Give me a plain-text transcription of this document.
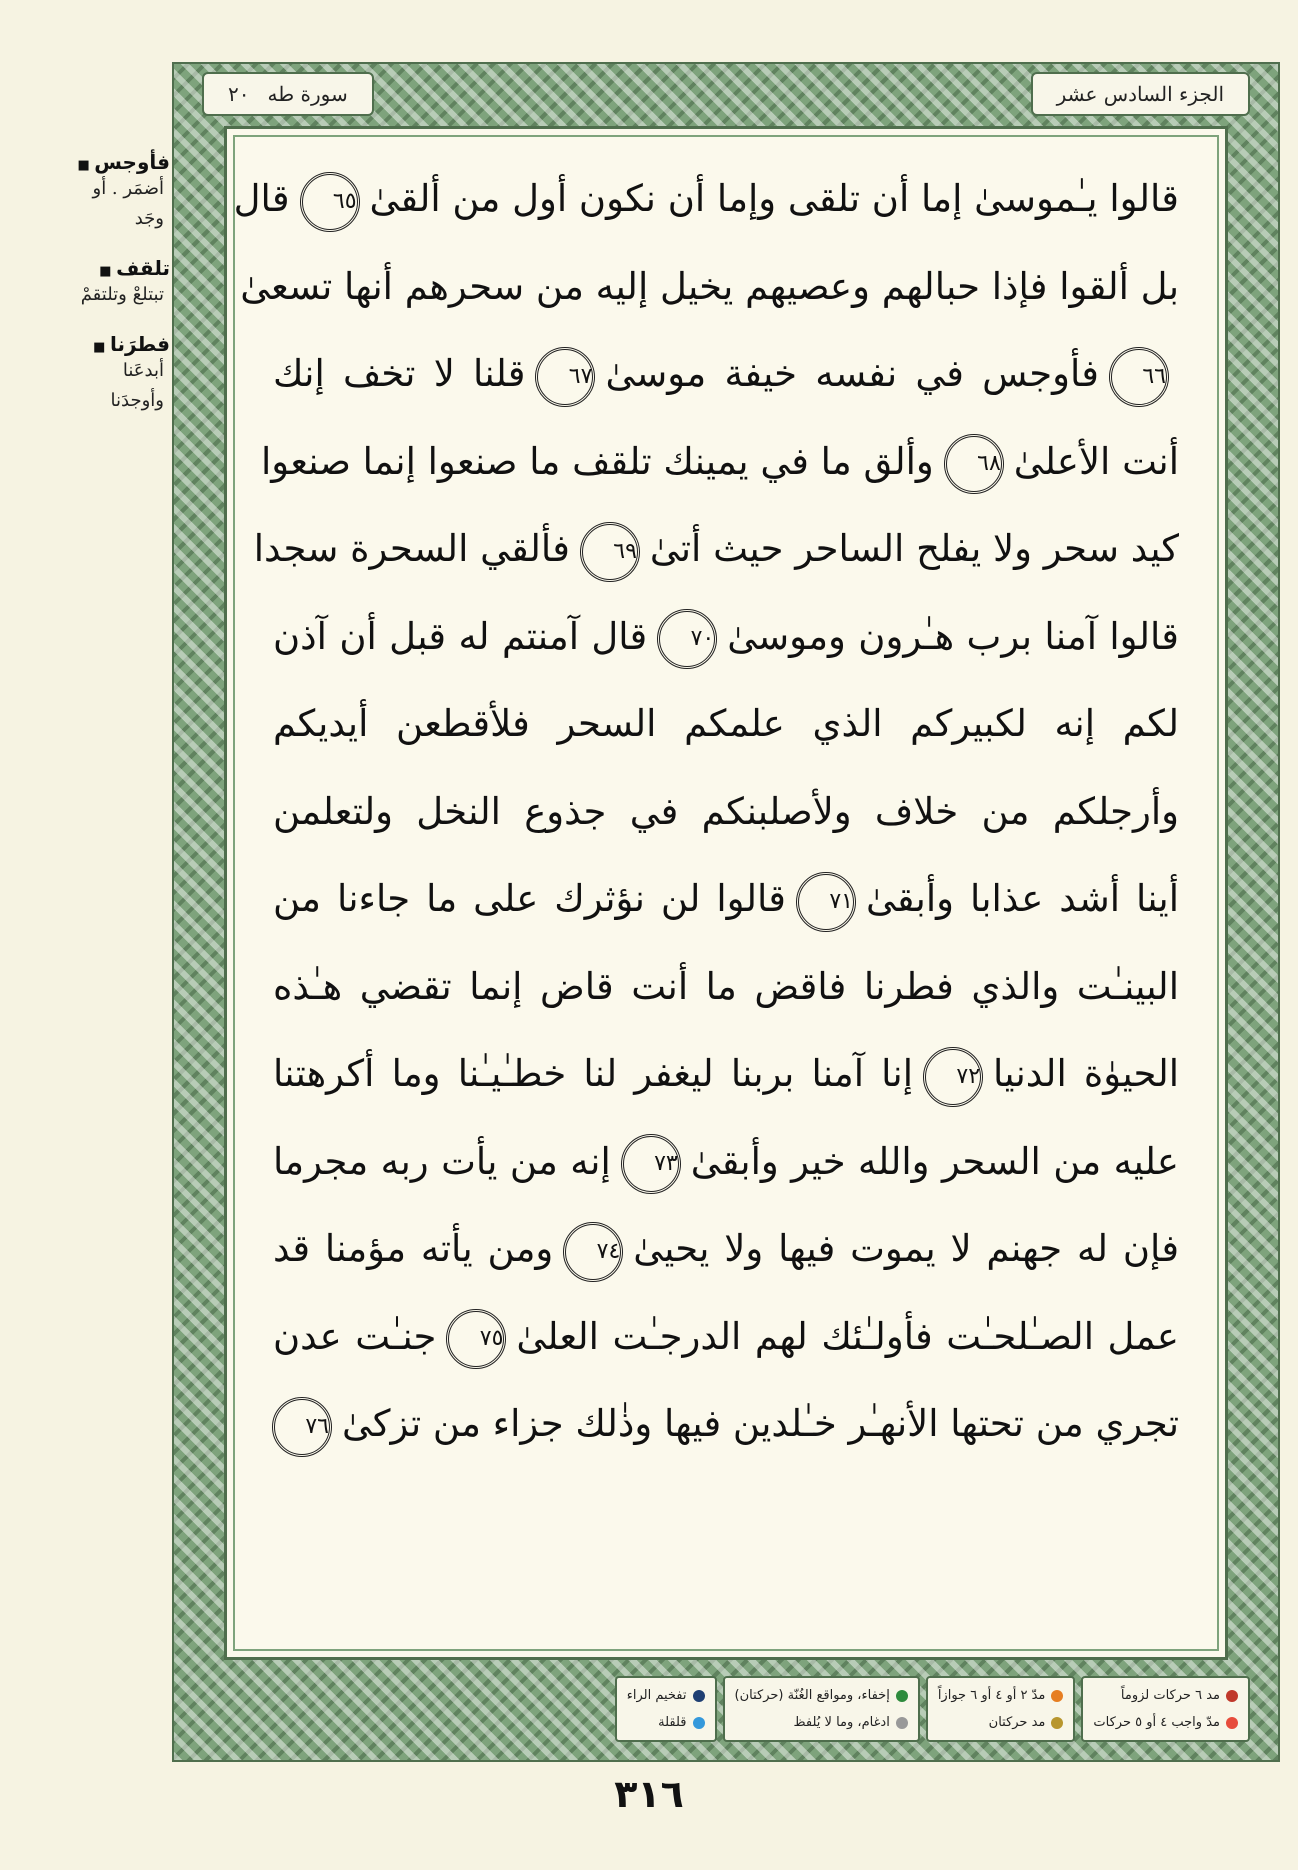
فأوجس ■
أضمَر . أو
وجَد
تلقف ■
تبتلعْ وتلتقمْ
فطرَنا ■
أبدعَنا
وأوجدَنا
سورة طه
٢٠	الجزء السادس عشر
قالوا يـٰموسىٰ إما أن تلقى وإما أن نكون أول من ألقىٰ٦٥قال
بل ألقوا فإذا حبالهم وعصيهم يخيل إليه من سحرهم أنها تسعىٰ
٦٦فأوجس في نفسه خيفة موسىٰ٦٧قلنا لا تخف إنك
أنت الأعلىٰ٦٨وألق ما في يمينك تلقف ما صنعوا إنما صنعوا
كيد سحر ولا يفلح الساحر حيث أتىٰ٦٩فألقي السحرة سجدا
قالوا آمنا برب هـٰرون وموسىٰ٧٠قال آمنتم له قبل أن آذن
لكم إنه لكبيركم الذي علمكم السحر فلأقطعن أيديكم
وأرجلكم من خلاف ولأصلبنكم في جذوع النخل ولتعلمن
أينا أشد عذابا وأبقىٰ٧١قالوا لن نؤثرك على ما جاءنا من
البينـٰت والذي فطرنا فاقض ما أنت قاض إنما تقضي هـٰذه
الحيوٰة الدنيا٧٢إنا آمنا بربنا ليغفر لنا خطـٰيـٰنا وما أكرهتنا
عليه من السحر والله خير وأبقىٰ٧٣إنه من يأت ربه مجرما
فإن له جهنم لا يموت فيها ولا يحيىٰ٧٤ومن يأته مؤمنا قد
عمل الصـٰلحـٰت فأولـٰئك لهم الدرجـٰت العلىٰ٧٥جنـٰت عدن
تجري من تحتها الأنهـٰر خـٰلدين فيها وذٰلك جزاء من تزكىٰ٧٦
مد ٦ حركات لزوماً
مدّ واجب ٤ أو ٥ حركات
مدّ ٢ أو ٤ أو ٦ جوازاً
مد حركتان
إخفاء، ومواقع الغُنّة (حركتان)
ادغام، وما لا يُلفظ
تفخيم الراء
قلقلة
٣١٦
